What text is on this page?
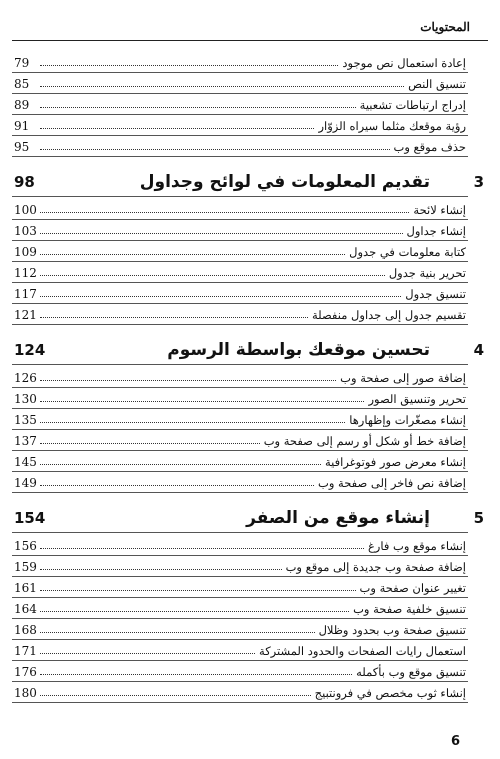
المحتويات
79	إعادة استعمال نص موجود
85	تنسيق النص
89	إدراج ارتباطات تشعبية
91	رؤية موقعك مثلما سيراه الزوّار
95	حذف موقع وب
98	تقديم المعلومات في لوائح وجداول	3
100	إنشاء لائحة
103	إنشاء جداول
109	كتابة معلومات في جدول
112	تحرير بنية جدول
117	تنسيق جدول
121	تقسيم جدول إلى جداول منفصلة
124	تحسين موقعك بواسطة الرسوم	4
126	إضافة صور إلى صفحة وب
130	تحرير وتنسيق الصور
135	إنشاء مصغّرات وإظهارها
137	إضافة خط أو شكل أو رسم إلى صفحة وب
145	إنشاء معرض صور فوتوغرافية
149	إضافة نص فاخر إلى صفحة وب
154	إنشاء موقع من الصفر	5
156	إنشاء موقع وب فارغ
159	إضافة صفحة وب جديدة إلى موقع وب
161	تغيير عنوان صفحة وب
164	تنسيق خلفية صفحة وب
168	تنسيق صفحة وب بحدود وظلال
171	استعمال رايات الصفحات والحدود المشتركة
176	تنسيق موقع وب بأكمله
180	إنشاء ثوب مخصص في فرونتبيج
6
